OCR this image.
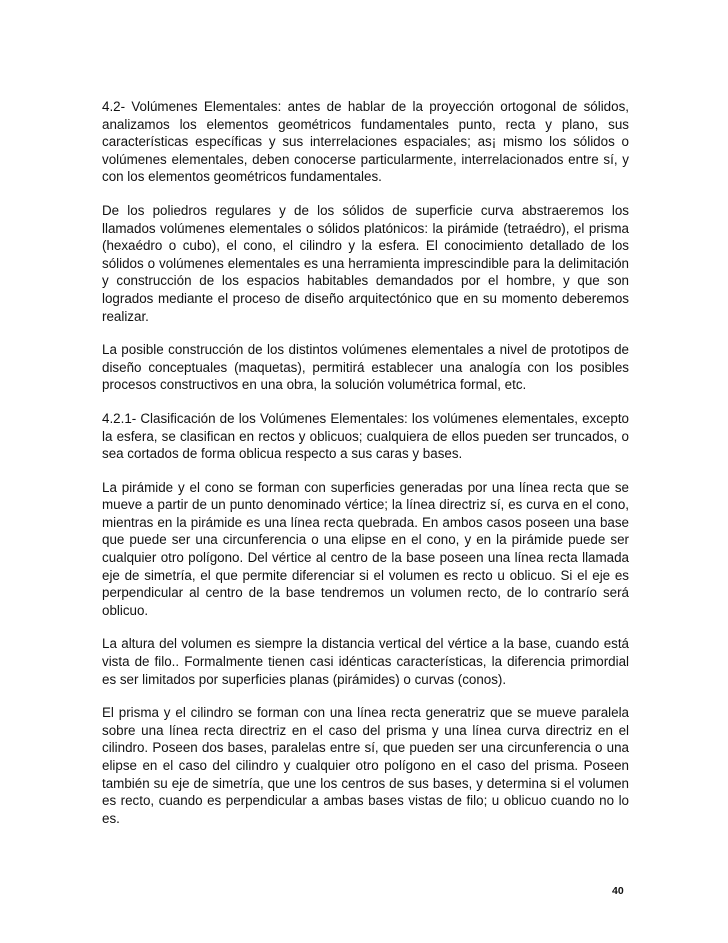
4.2- Volúmenes Elementales: antes de hablar de la proyección ortogonal de sólidos, analizamos los elementos geométricos fundamentales punto, recta y plano, sus características específicas y sus interrelaciones espaciales; as¡ mismo los sólidos o volúmenes elementales, deben conocerse particularmente, interrelacionados entre sí, y con los elementos geométricos fundamentales.

De los poliedros regulares y de los sólidos de superficie curva abstraeremos los llamados volúmenes elementales o sólidos platónicos: la pirámide (tetraédro), el prisma (hexaédro o cubo), el cono, el cilindro y la esfera. El conocimiento detallado de los sólidos o volúmenes elementales es una herramienta imprescindible para la delimitación y construcción de los espacios habitables demandados por el hombre, y que son logrados mediante el proceso de diseño arquitectónico que en su momento deberemos realizar.

La posible construcción de los distintos volúmenes elementales a nivel de prototipos de diseño conceptuales (maquetas), permitirá establecer una analogía con los posibles procesos constructivos en una obra, la solución volumétrica formal, etc.

4.2.1- Clasificación de los Volúmenes Elementales: los volúmenes elementales, excepto la esfera, se clasifican en rectos y oblicuos; cualquiera de ellos pueden ser truncados, o sea cortados de forma oblicua respecto a sus caras y bases.

La pirámide y el cono se forman con superficies generadas por una línea recta que se mueve a partir de un punto denominado vértice; la línea directriz sí, es curva en el cono, mientras en la pirámide es una línea recta quebrada. En ambos casos poseen una base que puede ser una circunferencia o una elipse en el cono, y en la pirámide puede ser cualquier otro polígono. Del vértice al centro de la base poseen una línea recta llamada eje de simetría, el que permite diferenciar si el volumen es recto u oblicuo. Si el eje es perpendicular al centro de la base tendremos un volumen recto, de lo contrarío será oblicuo.

La altura del volumen es siempre la distancia vertical del vértice a la base, cuando está vista de filo.. Formalmente tienen casi idénticas características, la diferencia primordial es ser limitados por superficies planas (pirámides) o curvas (conos).

El prisma y el cilindro se forman con una línea recta generatriz que se mueve paralela sobre una línea recta directriz en el caso del prisma y una línea curva directriz en el cilindro. Poseen dos bases, paralelas entre sí, que pueden ser una circunferencia o una elipse en el caso del cilindro y cualquier otro polígono en el caso del prisma. Poseen también su eje de simetría, que une los centros de sus bases, y determina si el volumen es recto, cuando es perpendicular a ambas bases vistas de filo; u oblicuo cuando no lo es.

40
